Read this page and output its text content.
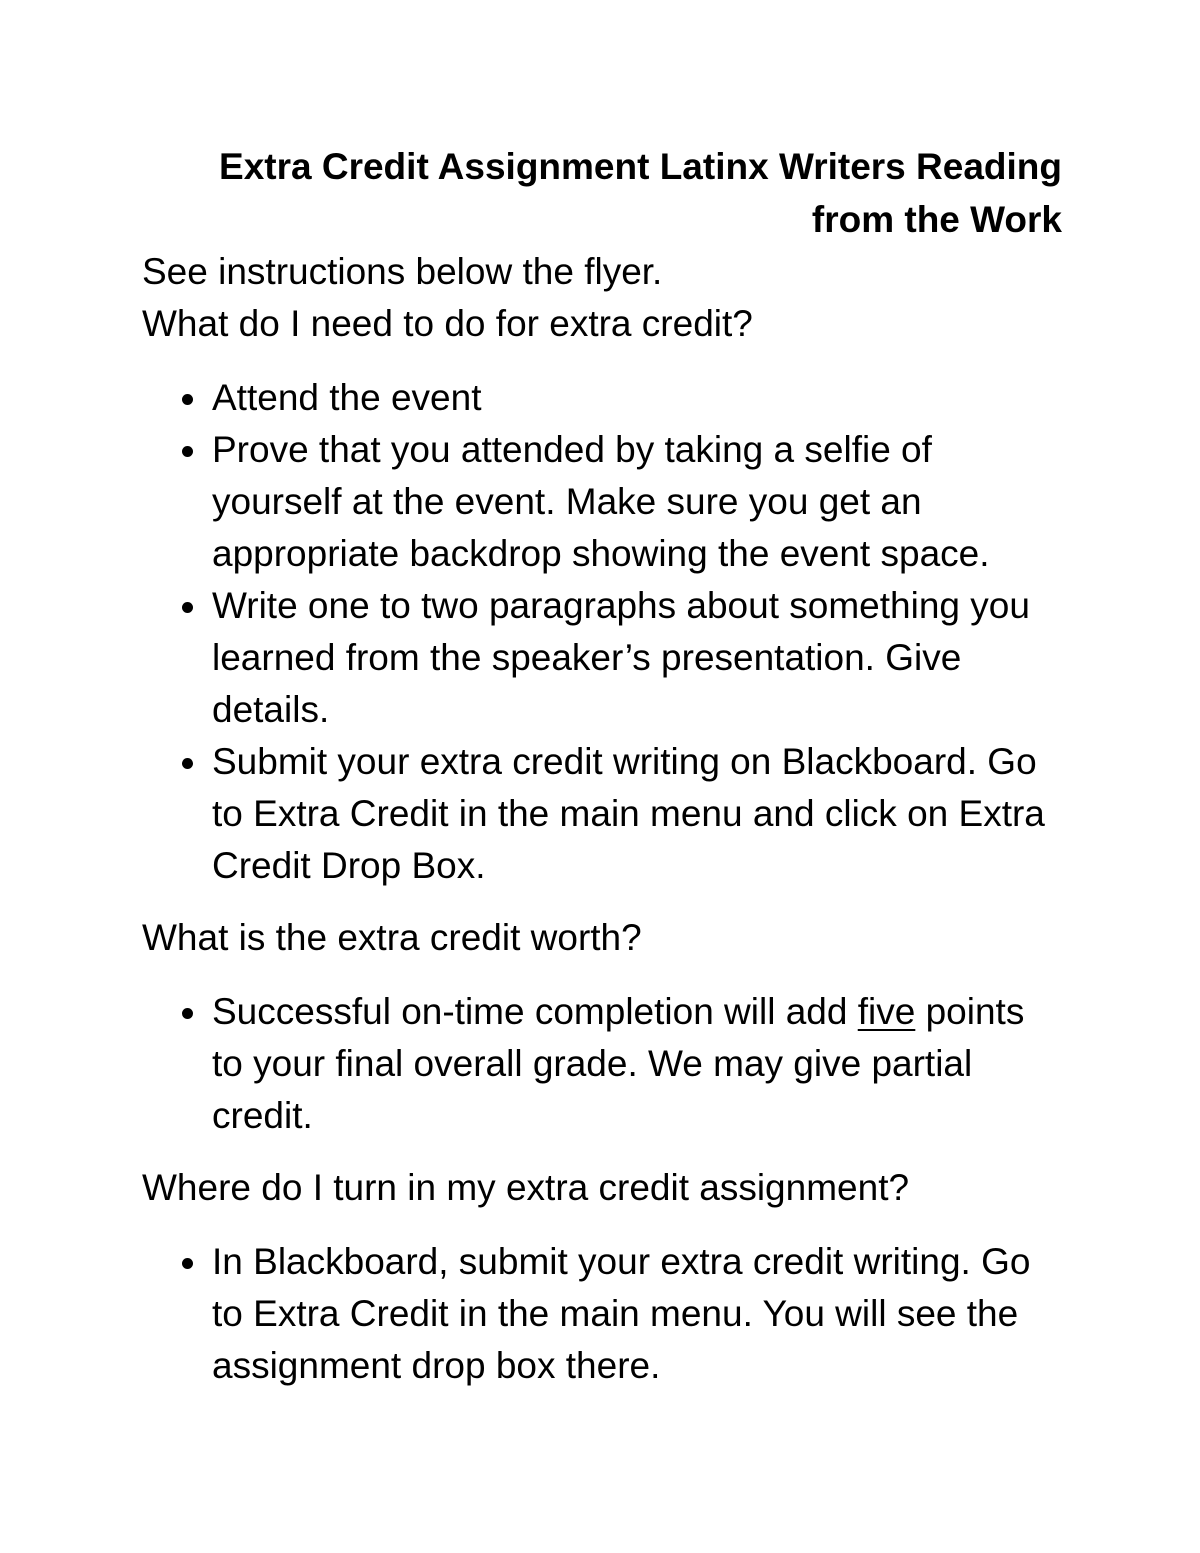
Extra Credit Assignment Latinx Writers Reading
from the Work

See instructions below the flyer.

What do I need to do for extra credit?

Attend the event
Prove that you attended by taking a selfie of yourself at the event. Make sure you get an appropriate backdrop showing the event space.
Write one to two paragraphs about something you learned from the speaker’s presentation. Give details.
Submit your extra credit writing on Blackboard. Go to Extra Credit in the main menu and click on Extra Credit Drop Box.

What is the extra credit worth?

Successful on-time completion will add five points to your final overall grade. We may give partial credit.

Where do I turn in my extra credit assignment?

In Blackboard, submit your extra credit writing. Go to Extra Credit in the main menu. You will see the assignment drop box there.
